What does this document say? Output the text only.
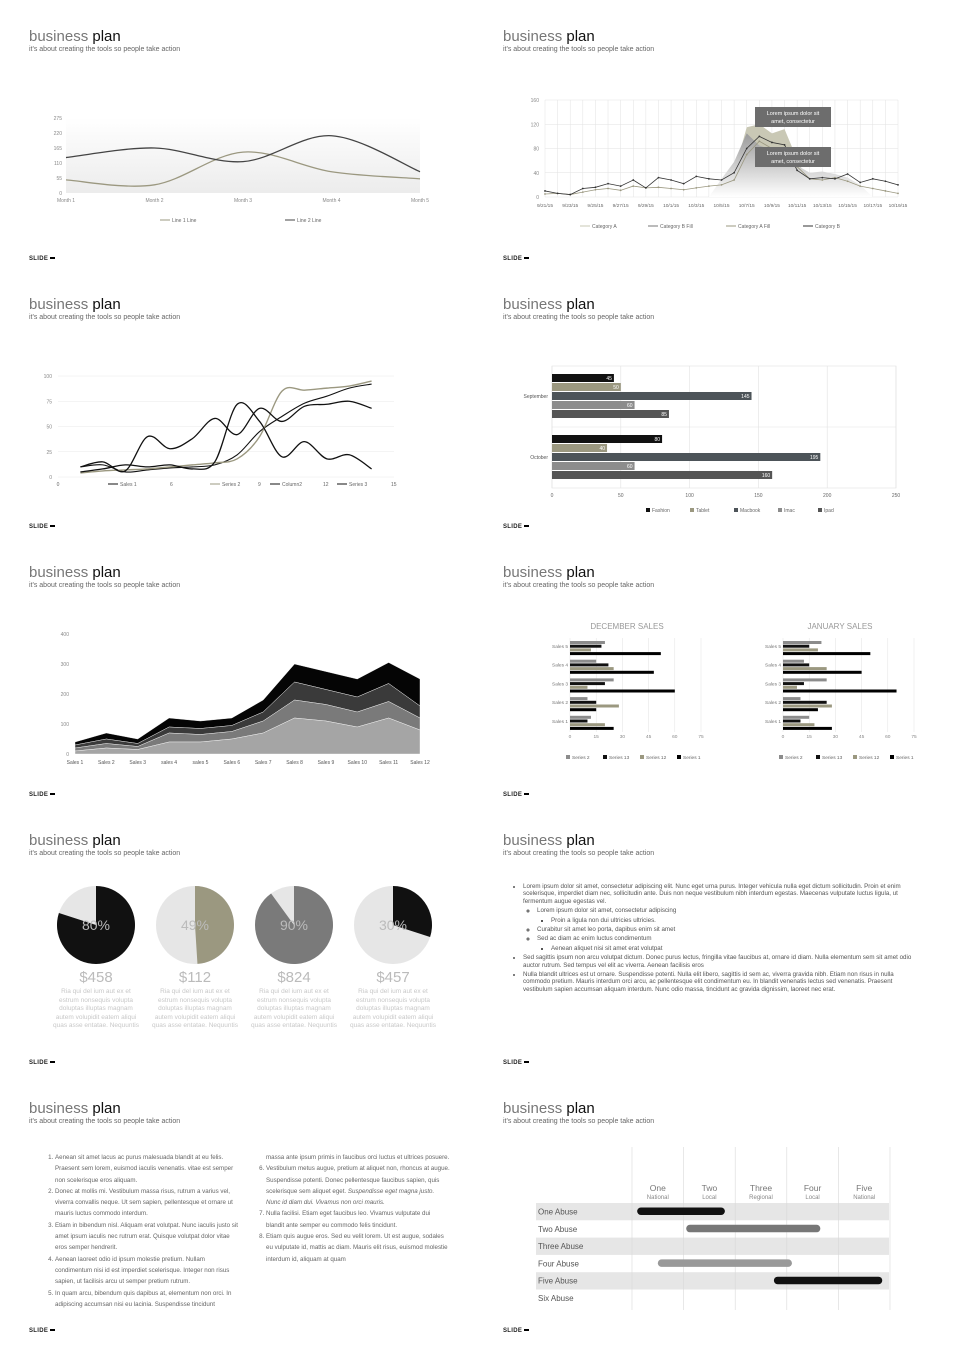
business plan
it's about creating the tools so people take action
SLIDE
business plan
it's about creating the tools so people take action
SLIDE
business plan
it's about creating the tools so people take action
SLIDE
business plan
it's about creating the tools so people take action
SLIDE
business plan
it's about creating the tools so people take action
SLIDE
business plan
it's about creating the tools so people take action
SLIDE
business plan
it's about creating the tools so people take action
SLIDE
business plan
it's about creating the tools so people take action
SLIDE
business plan
it's about creating the tools so people take action
SLIDE
business plan
it's about creating the tools so people take action
SLIDE
0
55
110
165
220
275
Month 1	Month 2	Month 3	Month 4	Month 5
Line 1 Line	Line 2 Line
0
40
80
120
160
Lorem ipsum dolor sit
amet, consectetur
Lorem ipsum dolor sit
amet, consectetur
9/21/15 9/23/15 9/25/15 9/27/15 9/29/15 10/1/15 10/3/15 10/5/15 10/7/15 10/9/15 10/11/15 10/13/15 10/15/15 10/17/15 10/19/15
Category A	Category B Fill	Category A Fill	Category B
0
25
50
75
100
Sales 1	6	Series 2	9	Column2	12	Series 3	15
0
0	50	100	150	200	250
September
45
50
145
60
85
October
80
40
195
60
160
Fashion	Tablet	Macbook	Imac	Ipad
0
100
200
300
400
Sales 1	Sales 2	Sales 3	sales 4	sales 5	Sales 6	Sales 7	Sales 8	Sales 9	Sales 10 Sales 11 Sales 12
DECEMBER SALES
0	15	30	45	60	75
Sales 5
Sales 4
Sales 3
Sales 2
Sales 1
Series 2	Series 13	Series 12	Series 1
JANUARY SALES
0	15	30	45	60	75
Sales 5
Sales 4
Sales 3
Sales 2
Sales 1
Series 2	Series 13	Series 12	Series 1
80%	49%	90%	30%
One
National
Two
Local
Three
Regional
Four
Local
Five
National
One Abuse
Two Abuse
Three Abuse
Four Abuse
Five Abuse
Six Abuse
$458
Ria qui del ium aut ex et estrum nonsequis volupta doluptas illuptas magnam autem volupidit eatem aliqui quas asse entatae. Nequuntis
$112
Ria qui del ium aut ex et estrum nonsequis volupta doluptas illuptas magnam autem volupidit eatem aliqui quas asse entatae. Nequuntis
$824
Ria qui del ium aut ex et estrum nonsequis volupta doluptas illuptas magnam autem volupidit eatem aliqui quas asse entatae. Nequuntis
$457
Ria qui del ium aut ex et estrum nonsequis volupta doluptas illuptas magnam autem volupidit eatem aliqui quas asse entatae. Nequuntis
• Lorem ipsum dolor sit amet, consectetur adipiscing elit. Nunc eget urna purus. Integer vehicula nulla eget dictum sollicitudin. Proin et enim scelerisque, imperdiet diam nec, sollicitudin ante. Duis non neque vestibulum nibh interdum egestas. Maecenas vulputate luctus ligula, ut fermentum augue egestas vel.
◦ Lorem ipsum dolor sit amet, consectetur adipiscing
▪ Proin a ligula non dui ultricies ultricies.
◦ Curabitur sit amet leo porta, dapibus enim sit amet
◦ Sed ac diam ac enim luctus condimentum
▪ Aenean aliquet nisi sit amet erat volutpat
• Sed sagittis ipsum non arcu volutpat dictum. Donec purus lectus, fringilla vitae faucibus at, ornare id diam. Nulla elementum sem sit amet odio auctor rutrum. Sed tempus vel elit ac viverra. Aenean facilisis eros
• Nulla blandit ultrices est ut ornare. Suspendisse potenti. Nulla elit libero, sagittis id sem ac, viverra gravida nibh. Etiam non risus in nulla commodo pretium. Mauris interdum orci arcu, ac pellentesque elit condimentum eu. In blandit venenatis lectus sed venenatis. Praesent vestibulum sapien accumsan aliquam interdum. Nunc odio massa, tincidunt ac gravida dignissim, laoreet nec erat.
1. Aenean sit amet lacus ac purus malesuada blandit at eu felis. Praesent sem lorem, euismod iaculis venenatis. vitae est semper non scelerisque eros aliquam.
2. Donec at mollis mi. Vestibulum massa risus, rutrum a varius vel, viverra convallis neque. Ut sem sapien, pellentesque et ornare ut mauris luctus commodo interdum.
3. Etiam in bibendum nisl. Aliquam erat volutpat. Nunc iaculis justo sit amet ipsum iaculis nec rutrum erat. Quisque volutpat dolor vitae eros semper hendrerit.
4. Aenean laoreet odio id ipsum molestie pretium. Nullam condimentum nisi id est imperdiet scelerisque. Integer non risus sapien, ut facilisis arcu ut semper pretium rutrum.
5. In quam arcu, bibendum quis dapibus at, elementum non orci. In adipiscing accumsan nisi eu lacinia. Suspendisse tincidunt
massa ante ipsum primis in faucibus orci luctus et ultrices posuere.
6. Vestibulum metus augue, pretium at aliquet non, rhoncus at augue. Suspendisse potenti. Donec pellentesque faucibus sapien, quis scelerisque sem aliquet eget. Suspendisse eget magna justo. Nunc id diam dui. Vivamus non orci mauris.
7. Nulla facilisi. Etiam eget faucibus leo. Vivamus vulputate dui blandit ante semper eu commodo felis tincidunt.
8. Etiam quis augue eros. Sed eu velit lorem. Ut est augue, sodales eu vulputate id, mattis ac diam. Mauris elit risus, euismod molestie interdum id, aliquam at quam
